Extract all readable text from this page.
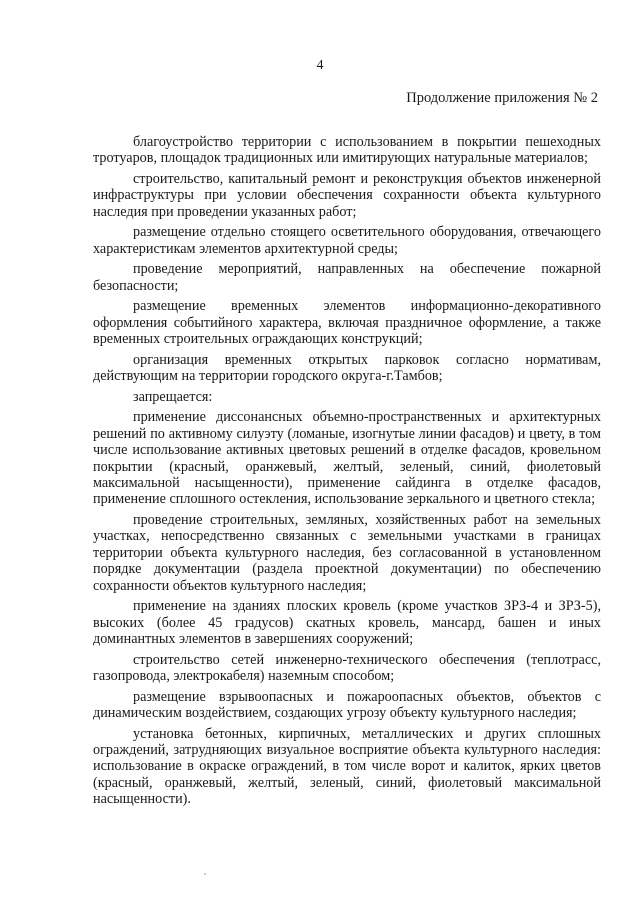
4
Продолжение приложения № 2

благоустройство территории с использованием в покрытии пешеходных тротуаров, площадок традиционных или имитирующих натуральные материалов;

строительство, капитальный ремонт и реконструкция объектов инженерной инфраструктуры при условии обеспечения сохранности объекта культурного наследия при проведении указанных работ;

размещение отдельно стоящего осветительного оборудования, отвечающего характеристикам элементов архитектурной среды;

проведение мероприятий, направленных на обеспечение пожарной безопасности;

размещение временных элементов информационно-декоративного оформления событийного характера, включая праздничное оформление, а также временных строительных ограждающих конструкций;

организация временных открытых парковок согласно нормативам, действующим на территории городского округа-г.Тамбов;

запрещается:

применение диссонансных объемно-пространственных и архитектурных решений по активному силуэту (ломаные, изогнутые линии фасадов) и цвету, в том числе использование активных цветовых решений в отделке фасадов, кровельном покрытии (красный, оранжевый, желтый, зеленый, синий, фиолетовый максимальной насыщенности), применение сайдинга в отделке фасадов, применение сплошного остекления, использование зеркального и цветного стекла;

проведение строительных, земляных, хозяйственных работ на земельных участках, непосредственно связанных с земельными участками в границах территории объекта культурного наследия, без согласованной в установленном порядке документации (раздела проектной документации) по обеспечению сохранности объектов культурного наследия;

применение на зданиях плоских кровель (кроме участков ЗРЗ-4 и ЗРЗ-5), высоких (более 45 градусов) скатных кровель, мансард, башен и иных доминантных элементов в завершениях сооружений;

строительство сетей инженерно-технического обеспечения (теплотрасс, газопровода, электрокабеля) наземным способом;

размещение взрывоопасных и пожароопасных объектов, объектов с динамическим воздействием, создающих угрозу объекту культурного наследия;

установка бетонных, кирпичных, металлических и других сплошных ограждений, затрудняющих визуальное восприятие объекта культурного наследия: использование в окраске ограждений, в том числе ворот и калиток, ярких цветов (красный, оранжевый, желтый, зеленый, синий, фиолетовый максимальной насыщенности).
